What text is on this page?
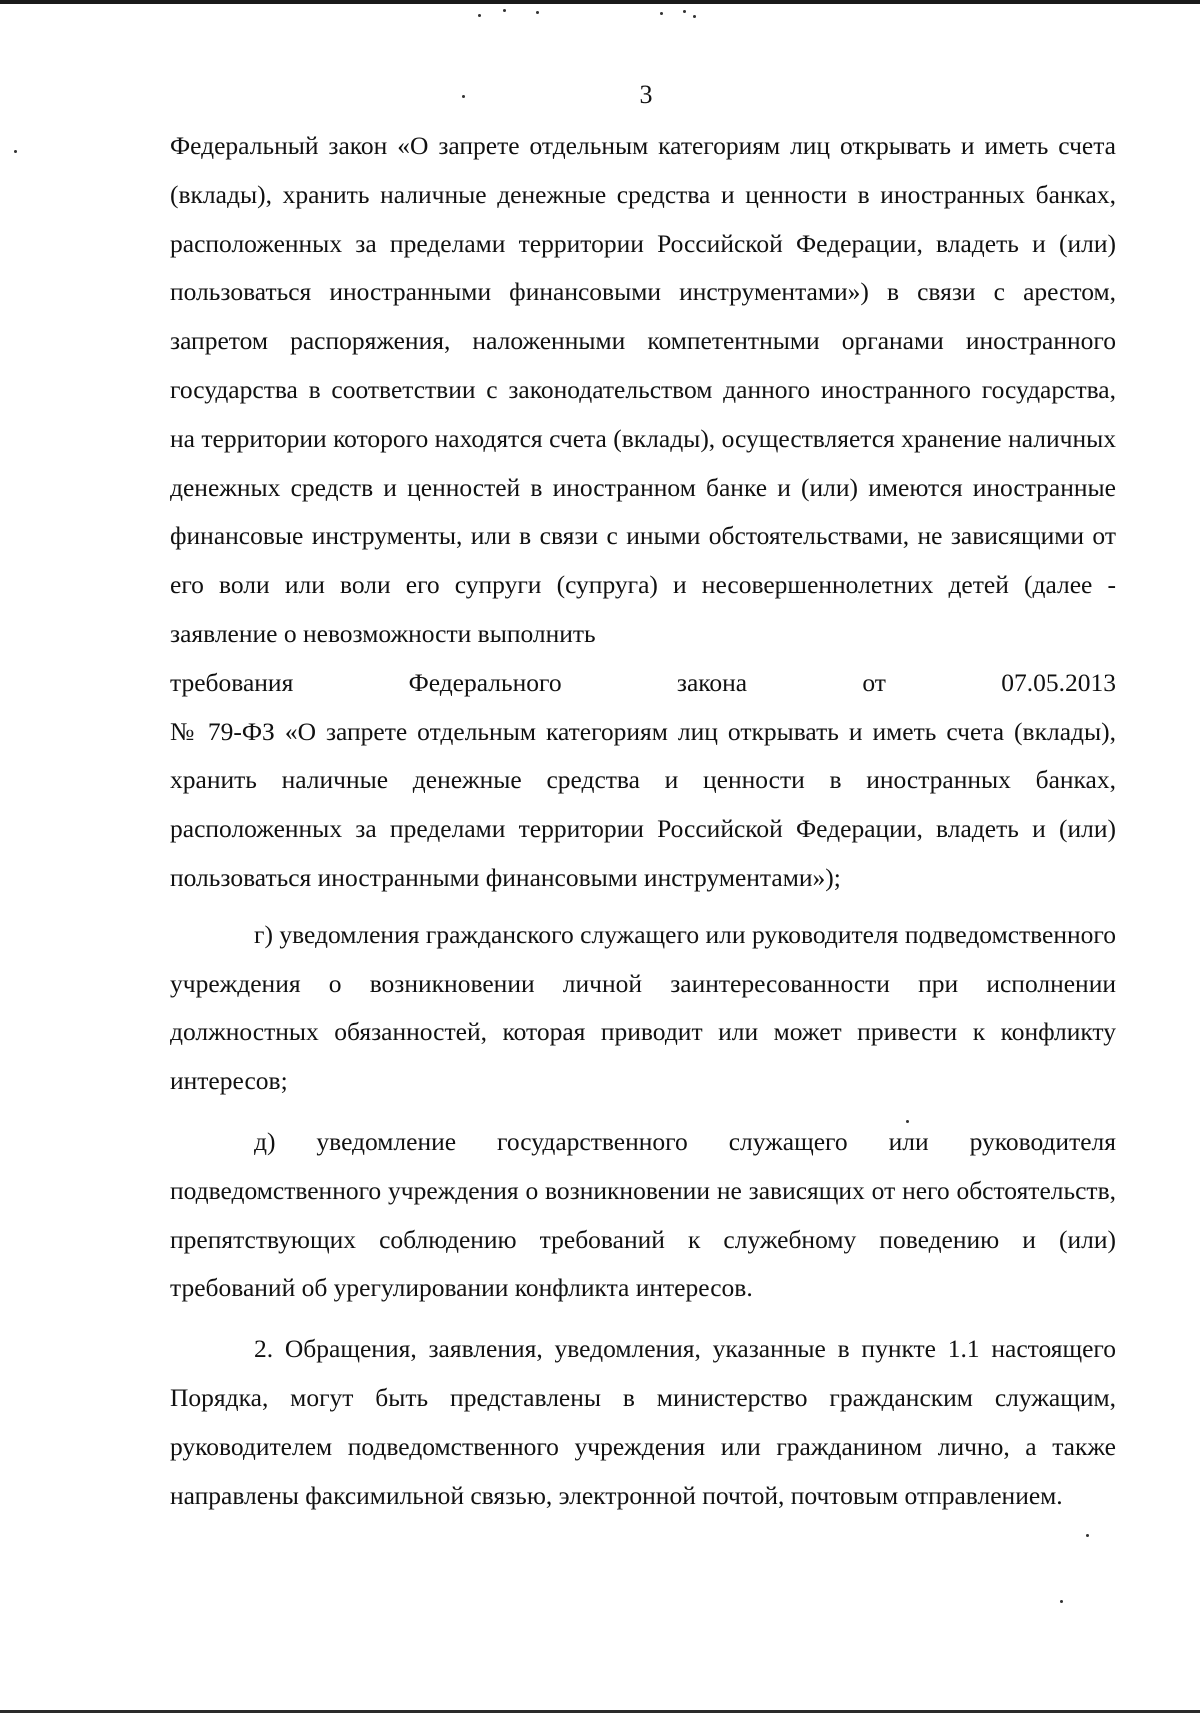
3

Федеральный закон «О запрете отдельным категориям лиц открывать и иметь счета (вклады), хранить наличные денежные средства и ценности в иностранных банках, расположенных за пределами территории Российской Федерации, владеть и (или) пользоваться иностранными финансовыми инструментами») в связи с арестом, запретом распоряжения, наложенными компетентными органами иностранного государства в соответствии с законодательством данного иностранного государства, на территории которого находятся счета (вклады), осуществляется хранение наличных денежных средств и ценностей в иностранном банке и (или) имеются иностранные финансовые инструменты, или в связи с иными обстоятельствами, не зависящими от его воли или воли его супруги (супруга) и несовершеннолетних детей (далее - заявление о невозможности выполнить

требования Федерального закона от 07.05.2013

№ 79-ФЗ «О запрете отдельным категориям лиц открывать и иметь счета (вклады), хранить наличные денежные средства и ценности в иностранных банках, расположенных за пределами территории Российской Федерации, владеть и (или) пользоваться иностранными финансовыми инструментами»);

г) уведомления гражданского служащего или руководителя подведомственного учреждения о возникновении личной заинтересованности при исполнении должностных обязанностей, которая приводит или может привести к конфликту интересов;

д) уведомление государственного служащего или руководителя подведомственного учреждения о возникновении не зависящих от него обстоятельств, препятствующих соблюдению требований к служебному поведению и (или) требований об урегулировании конфликта интересов.

2. Обращения, заявления, уведомления, указанные в пункте 1.1 настоящего Порядка, могут быть представлены в министерство гражданским служащим, руководителем подведомственного учреждения или гражданином лично, а также направлены факсимильной связью, электронной почтой, почтовым отправлением.
